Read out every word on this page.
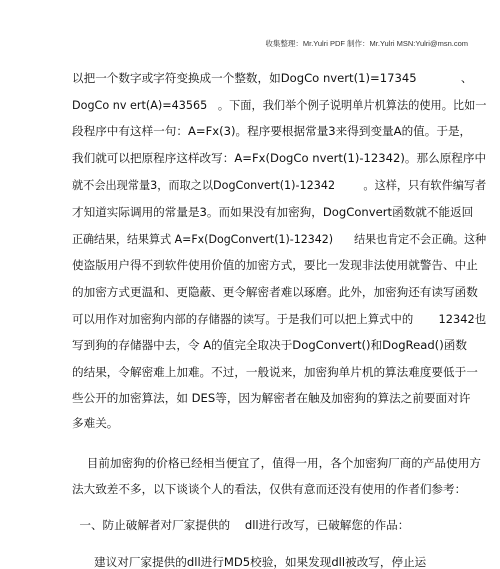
收集整理：Mr.Yulri PDF 制作：Mr.Yulri MSN:Yulri@msn.com
以把一个数字或字符变换成一个整数，如DogCo nvert(1)=17345            、
DogCo nv ert(A)=43565   。下面，我们举个例子说明单片机算法的使用。比如一
段程序中有这样一句：A=Fx(3)。程序要根据常量3来得到变量A的值。于是，
我们就可以把原程序这样改写：A=Fx(DogCo nvert(1)-12342)。那么原程序中
就不会出现常量3，而取之以DogConvert(1)-12342        。这样，只有软件编写者
才知道实际调用的常量是3。而如果没有加密狗，DogConvert函数就不能返回
正确结果，结果算式 A=Fx(DogConvert(1)-12342)      结果也肯定不会正确。这种
使盗版用户得不到软件使用价值的加密方式，要比一发现非法使用就警告、中止
的加密方式更温和、更隐蔽、更令解密者难以琢磨。此外，加密狗还有读写函数
可以用作对加密狗内部的存储器的读写。于是我们可以把上算式中的       12342也
写到狗的存储器中去，令 A的值完全取决于DogConvert()和DogRead()函数
的结果，令解密难上加难。不过，一般说来，加密狗单片机的算法难度要低于一
些公开的加密算法，如 DES等，因为解密者在触及加密狗的算法之前要面对许
多难关。
目前加密狗的价格已经相当便宜了，值得一用，各个加密狗厂商的产品使用方
法大致差不多，以下谈谈个人的看法，仅供有意而还没有使用的作者们参考：
一、防止破解者对厂家提供的    dll进行改写，已破解您的作品：
建议对厂家提供的dll进行MD5校验，如果发现dll被改写，停止运
